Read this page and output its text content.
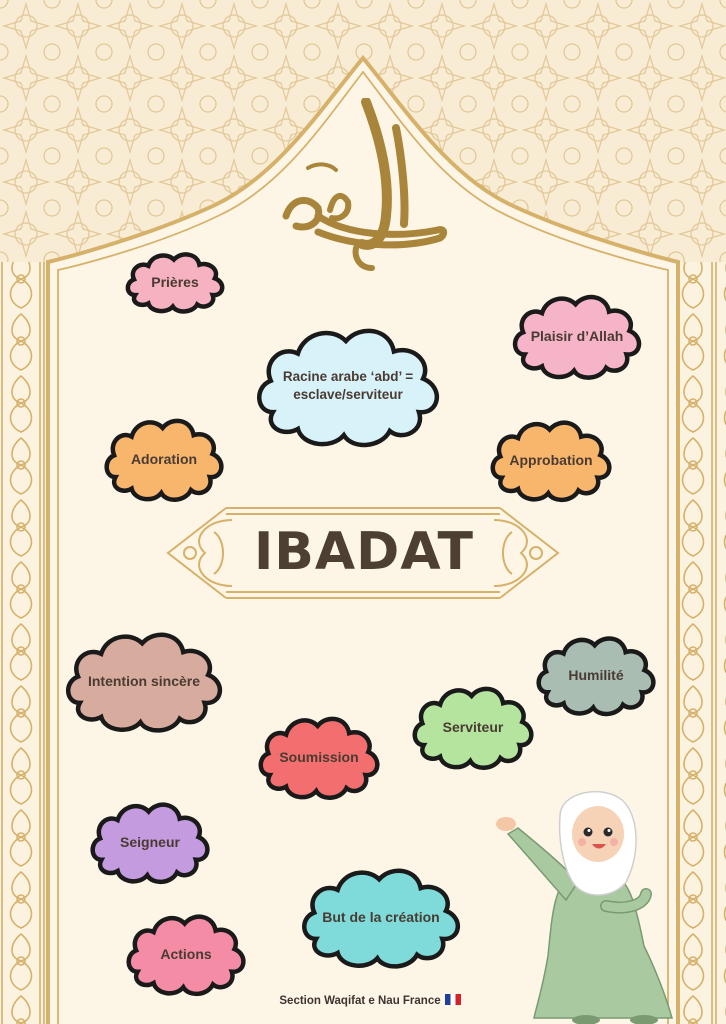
IBADAT
Prières
Plaisir d’Allah
Racine arabe ‘abd’ =
esclave/serviteur
Adoration	Approbation
Intention sincère	Humilité
Serviteur
Soumission
Seigneur
But de la création
Actions
Section Waqifat e Nau France
